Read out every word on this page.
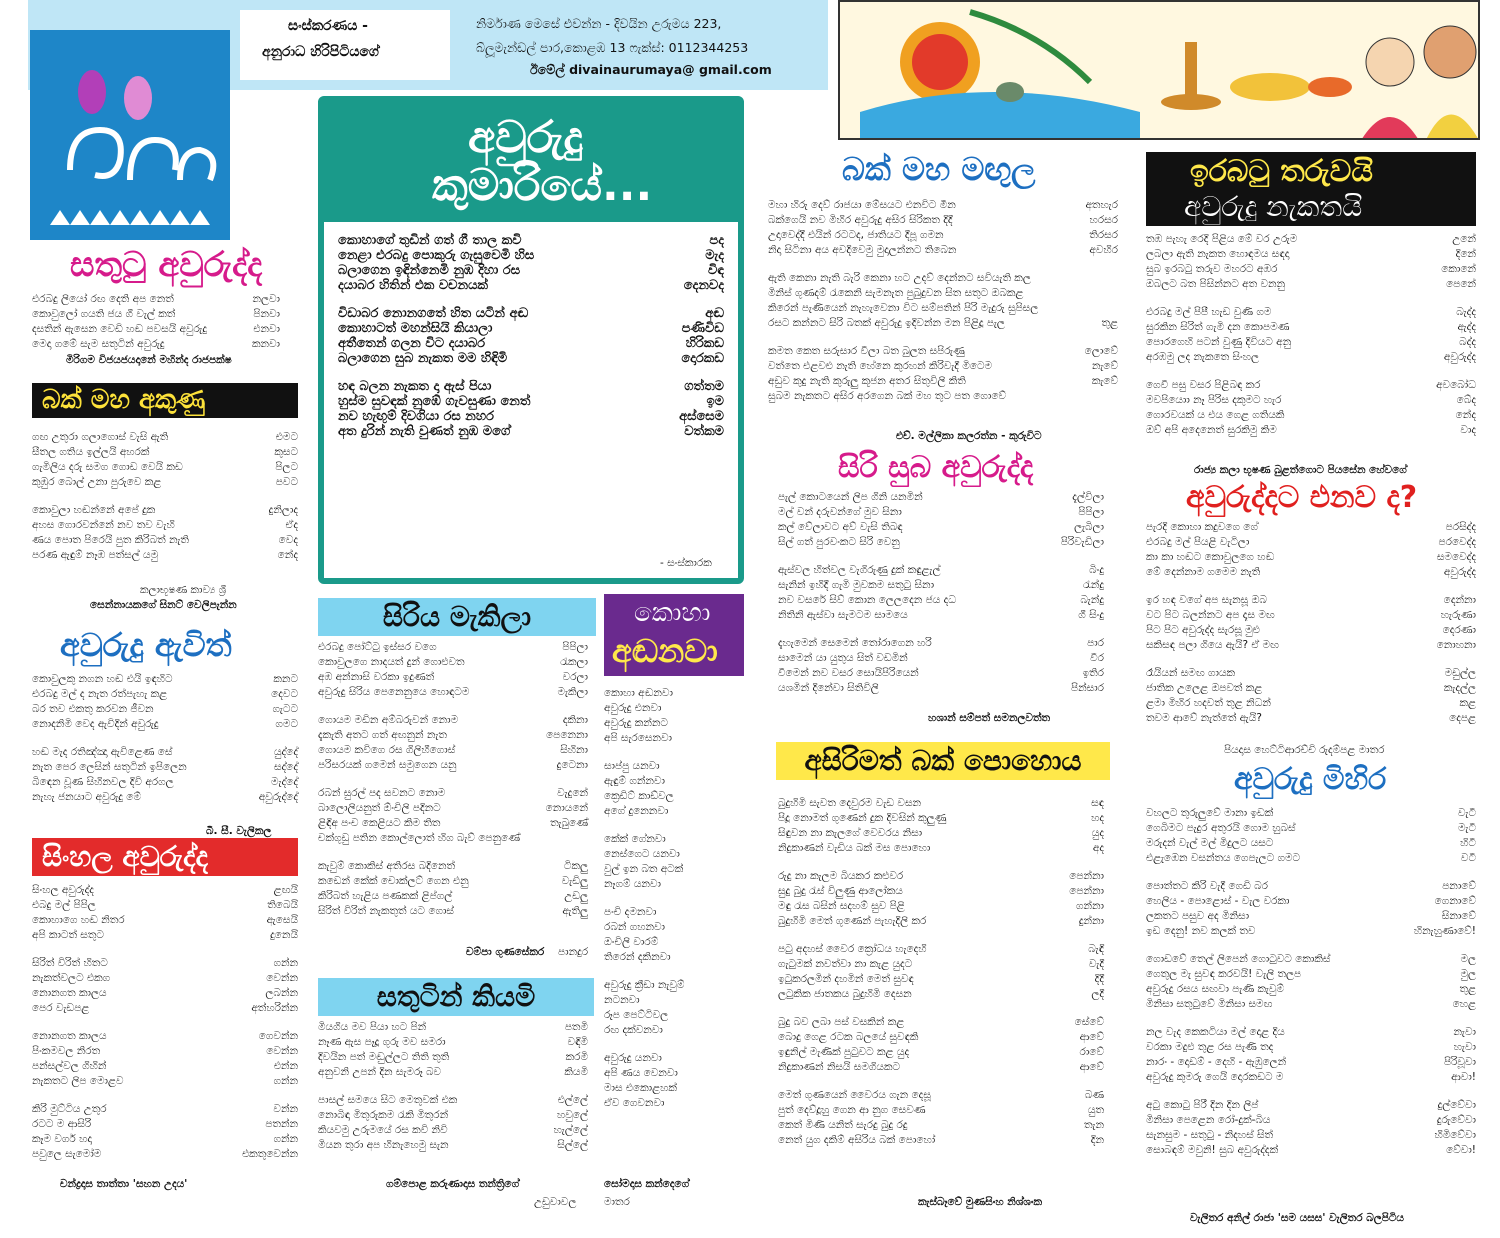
සංස්කරණය -
අනුරාධ හිරිපිටියගේ
නිර්මාණ මෙසේ එවන්න - දිවයින උරුමය 223,
බ්ලූමැන්ඩල් පාර,කොළඹ 13 ෆැක්ස්: 0112344253
ඊමේල් divainaurumaya@ gmail.com
සතුටු අවුරුද්ද
එරබදු ලියෝ රඟ දෙති අප නෙත්	නලවා
කොවුලෝ ගයති ජය ගී වැල් කත්	පිනවා
දසතින් ඇසෙන වෙඩි හඬ පවසයි අවුරුදු	එනවා
මෙදා ගමේ සැම සතුටින් අවුරුදු	කනවා
මිරිගම විජයජයදානේ මහින්ද රාජපක්ෂ
බක් මහ අකුණු
ගඟ උතුරා ගලාගොස් වැසි ඇති	එමට
සීතල ගතිය ඉල්ලයි අහරක්	කුසට
ගැමිලිය දරු සමග ගොඩ වෙයි කඩ	පිලට
කුඹුර බොල් උනා පුරුවෙ කළ	පවට
කොවුලා හඬන්නේ අපේ දුක	දුනිලාද
අහස ගොරවන්නේ නව තව වැහි	ඒද
ණය පොත පිරෙයි පුත කිරිබත් නැති	වෙද
පරණ ඇඳුම් නෑඹ පත්සල් යමු	නේද
කලාභූෂණ කාව්‍ය ශ්‍රී
සෙන්නායකගේ සිනට් වෙලිපැන්න
අවුරුදු ඇවිත්
කොවුලකු නගන හඬ එයි ඉඳහිට	කනට
එරබදු මල් ද නැත රත්පැහැ කළ	දෙවට
බර තව එකතු කරවන ජීවන	ගැටට
නොදනිමි වෙද ඇවිදින් අවුරුදු	ගමට
හඬ මැද රතිඤ්ඤා ඇවිළෙණ සේ	යුද්දේ
නැත පෙර ලෙසින් සතුටින් ඉපිලෙන	සද්දේ
බිඳෙන වූණ සිහිනවල දිවි අරගල	මැද්දේ
නැහැ ජනයාට අවුරුදු මේ	අවුරුද්දේ
බී. සී. වැලිකල
සිංහල අවුරුද්ද
සිංහල අවුරුද්ද	ළඟයි
එබදු මල් පිපිල	තිබෙයි
කොහාගෙ හඬ නිතර	ඇසෙයි
අපි කාටත් සතුට	දුනෙයි
සිරිත් විරිත් හිතට	ගන්න
නැකත්වලට එකග	වෙන්න
නොනගත කාලය	ලබන්න
පෙර වැඩපළ	අත්හරින්න
නොනගත කාලය	ගෙවන්න
පිංකමවල නිරත	වෙන්න
පන්සල්වල ගිහින්	එන්න
නැකතට ලිප මොළව	ගන්න
කිරි මුට්ටිය උතුර	වන්න
රටට ම ආසිරි	පතන්න
කෑම වර්ග හදා	ගන්න
පවුලෙ සැමෝම	එකතුවෙන්න
චන්ද්‍රදාස තාත්තා 'සහන උදය'
අවුරුදු
කුමාරියේ...
කොහාගේ තුඩින් ගත් ගී තාල කවි	පද
නෙළා එරබදු පොකුරු ගැසුවෙමි හිස	මැද
බලාගෙන ඉඳින්නෙමි නුඹ දිහා රස	විඳ
දයාබර හිතින් එක වචනයක්	දෙනවද
විඩාබර නොනගතේ හිත යටින් අඬ	අඬ
කොහාටත් මහන්සියි කියාලා	පණිවිඩ
අතීතෙන් ගලන විට දයාබර	හිරිකඩ
බලාගෙන සුබ නැකත මම හිඳිමි	දොරකඩ
හඳ බලන නැකත දා ඇස් පියා	ගත්තම
හුස්ම සුවඳක් නුඹේ ගැවසුණා නෙත්	ඉම
නව හැඟුම් දිවගියා රස නහර	අස්සෙම
අත දුරින් නැති වුණත් නුඹ මගේ	වත්කම
- සංස්කාරක
සිරිය මැකිලා
එරබදු පෝට්ටු ඉස්සර වගෙ	පිපිලා
කොවුලගෙ නාදයත් දුන් ගොළුවත	රැකලා
අඹ අන්නාසි වරකා ඉදුණත්	වරලා
අවුරුදු සිරිය පෙනෙනුයෙ හොඳටම	මැකිලා
ගොයම මඩින අම්බරුවන් නොම	දකිනා
දැකැති අතට ගත් අඟනුන් නැත	පෙනෙනා
ගොයම කවිගෙ රස ගිලිහීගොස්	සිහිනා
පරිසරයක් ගමෙන් සමුගෙන යනු	දුටෙනා
රබන් සුරල් පද සවනට නොම	වැදුනේ
බාලොලියනුත් ඕංචිලි පදිනට	නොයනේ
ළිඳිඅ පංච කෙළියට කිම තිත	තැබුණේ
චක්ගුඩු පතින කොල්ලොත් හිග බැව් පෙනුණේ
කැවුම් කොකිස් අතිරස බදිනෙත්	ටිකලු
කඩෙන් කේක් චොක්ලට් ගෙන එනු	වැඩිලු
කිරිබත් හැළිය පණකක් ළිප්ගල්	උඩලු
සිරිත් විරිත් නැකතුත් යට ගොස්	ඇතිලු
චම්පා ගුණසේකර පානදුර
සතුටින් කියමි
මියගිය මව පියා හට පින්	පතමි
නෑණ ඇස පෑදූ ගුරු මව සමරා	වඳිමි
දිවයින පත් මඬුල්ලට තිති තුති	කරමි
අනුවනි උපන් දින සැමරූ බව	කියමි
පාසල් සමයෙ සිට මෙතුවක් එක	එල්ලේ
නොබිඳා මිතුරුකම රැකි මිතුරන්	හවුලේ
කියවමු උරුමයේ රස කවි නිවි	හැල්ලේ
මියන තුරා අප හිනැහෙමු සැන	සිල්ලේ
ගම්පොළ කරුණාදාස තන්ත්‍රිගේ
උඩුවාවල
කොහා
අඬනවා
කොහා අඬනවා
අවුරුදු එනවා
අවුරුදු කන්නට
අපි සැරසෙනවා
සාප්පු යනවා
ඇඳුම් ගන්නවා
ක්‍රෙඩිට් කාඩ්වල
අගේ දුනෙනවා
කේක් ගේනවා
නෙස්ගෙට යනවා
වුල් ඉන බත අටක්
නෑගම් යනවා
පංචි දමනවා
රබන් ගහනවා
ඔංචිලි වාරම්
තිරෙන් දකිනවා
අවුරුදු ක්‍රීඩා නැවුම්
නටනවා
රූප පෙට්ටිවල
රඟ දක්වනවා
අවුරුදු යනවා
අපි ණය වෙනවා
මාස එකොළහක්
ඒව ගෙවනවා
සෝමදාස කන්දෙගේ
මාතර
බක් මහ මඟුල
මහා හිරු දෙව් රාජයා මේසයට එනවිට මීන	අතහැර
බක්ගෙයි නව මිහිර අවුරුදු අසිර සිරිකත දිදී	හරසර
උදාවෙද්දී එයින් රටටද, ජාතියට දීපූ ගමන	තිරසර
නිදා සිටිනා අය අවදිවෙමු මුදාලන්නට තිබෙන	අවහිර
ඇති කෙනා නැති බැරි කෙනා හට උදව් දෙන්නට සවියැති කල
මිනිස් ගුණදම් රැකෙනි සැමනැත පුබුදුවන සිත සතුට ඔබකළ
කිරෙන් පැණියෙන් නැහැවෙනා විට සම්පතින් පිරි මැදුරු සුපිසල
රසට කන්නට සිරි බතක් අවුරුදු ඉදිවන්න මන පිළිදූ පැල	තුළ
කමත කෙත සරුසාර වීලා බත බුලත සපිරුණු	ලොවේ
වත්තෙ එළවළු නැති හේනෙ කුරහන් කිරිවැදී මිටෙම	නැවේ
අඩුව කුදු නැති කුරුලු කූජන අතර සිතුවිලි කිති	කැවේ
සුබම නැකතට අසිර අරගෙන බක් මහ තුට පත ගොවේ
එච්. මල්ලිකා කලරත්න - කුරුවිට
සිරි සුබ අවුරුද්ද
පැල් කොටයෙන් ලිප ගිනි යනමින්	දැල්විලා
මල් වන් දරුවන්ගේ මුව සිනා	පිපිලා
කල් වේලාවට අව් වැසි තිබඳ	ලැබිලා
සිල් ගත් පුරවංකට සිරි වෙනු	පිරිවැඩිලා
ඇස්වල හිත්වල වැගිරුණු දුක් කඳුළැල්	බිංදු
සැනින් ඉහිදී ගැමි මුවකම සතුටු සිනා	රැන්දු
නව වසරේ සිව් කොන ලෙලදෙන ජය දධ	බැන්දු
නිතිනි ඇස්වා සැමටම සාමයෙ	ගී සිංදු
දැහැමෙන් සෙමෙන් තෝරාගෙන හරි	පාර
සාමෙන් යා යුතුය සිත් වඩමින්	වීර
වීමෙන් නව වසර සොයිපිරියෙන්	ඉතිර
යශමින් දිනේවා සිතිවිලි	පින්සාර
හශාන් සම්පත් සමනලවත්ත
අසිරිමත් බක් පොහොය
බුදුහිමි සැවත දෙවුරම වැඩ වසන	සඳ
පිදූ නොමත් ගුණෙන් දුක දිවසින් කුලුණු	හද
සිඳුවන නා කැලගේ වෙවරය නිසා	යුද
නිදුකාණන් වැඩිය බක් මස පොහො	අද
රුදු නා කැලම බියකර කළුවර	පෙන්නා
සුදු බුදු රැස් විලුණු ආලෝකය	පෙන්නා
මඳු රැස බසින් සදහම් සුව පිළි	ගන්නා
බුදුහිමි මෙත් ගුණෙන් පැහැදිලි කර	දුන්නා
පටු අදහස් වෛර ක්‍රෝධය හැදෙහි	බැඳි
ගැටුමක් නවත්වා නා කැළ යුදට	වැදී
ඉටුකරලමින් දහමින් මෙත් සුවඳ	දිදී
ලටුකික ජාතකය බුදුහිමි දෙසන	ලදී
බුදු බව ලබා පස් වසකින් කළ	සේවේ
බොදු ගෙළ රටක බලයේ සුවඳකි	ආවේ
ඉඳුනිල් මැණික් පුටුවට කළ යුද	රාවේ
නිදුකාණන් නිසයි සමගියකට	ආවේ
මෙත් ගුණයෙන් වෛරය ගැන දෙසූ	බණ
පුත් දෙව්දූහු ගෙන ආ නුග සෙවණ	යුත
කෙත් මිණි යනිත් සැරදු බුදු රදු	තැන
නෙත් යුග දකිම් අසිරිය බක් පොහෝ	දින
කැස්බෑවේ මුණසිංහ නිශ්ශංක
ඉරබටු තරුවයි
අවුරුදු නැකතයි
තඹ පැහැ රෙදි පිළිය මේ වර උරුම	උනේ
ලබලා ඇති නැකත හොඳමය සඳදා	දිනේ
සුබ ඉරබටු තරුව මහරට අඹර	කොනේ
ඔබලට බත පිසින්නට අත වනනු	පෙනේ
එරබදු මල් පිපී හැඩ වුණි ගම	බැද්ද
සුරකින සිරිත් ගැමි දන කොපමණ	ඇද්ද
පොරගෙහි පටන් වුණු දිවියට අනු	බද්ද
අරඹමු ලද නැකතෙ සිංහල	අවුරුද්ද
ගෙවී පසු වසර පිළිබඳ කර	අවබෝධ
මවපියොා නෑ පිරිස දකුමට හැර	බේද
ගොරවයක් ය එය ගෙළ ගතියකි	නේද
ඔව් අපි අදෙනෙත් සුරකිමු කිම	වාද
රාජ්‍ය කලා භූෂණ බුළත්ගොට පියසේන හේවගේ
අවුරුද්දට එනව ද?
පැරදි කොහා කදුවගෙ ගේ	පරසිද්ද
එරබදු මල් පියළි වැටිලා	පරවෙද්ද
කා කා හඬට කොවුලගෙ හඬ	සමවෙද්ද
මේ දෙන්නාම ගමෙම නැති	අවුරුද්ද
ඉර හඳ වගේ අප සැනසූ ඔබ	දෙන්නා
වට පිට බලන්නට අප දෑස මඟ	හැරුණා
පිට පිට අවුරුද්ද සැරසූ මුළු	දෙරණා
සකිසඳ පලා ගියෙ ඇයි? ඒ මඟ	නොහනා
රෑයියන් සමඟ ගායක	මඩුල්ල
ජාතික උලෙළ ඔපවත් කළ	කැදල්ල
ළමා මිහිර හදවත් තුළ නිධන්	කළ
තවම ආවේ නැත්තේ ඇයි?	දෙපළ
පියදාස හෙට්ටිආරච්චි රුදම්පළ මාතර
අවුරුදු මිහිර
වහලට තුරුලුවේ මානා ඉඩක්	වැටී
ගෙබිමට පැදුර අතුරයි ගොම හුබස්	මැටී
මරුදන් වැල් මල් මිදුලට යසට	හිටී
එළැඹෙන වසන්තය ගෙපැලට ගමට	වටී
පොත්තට කිරි වැදී ගෙඩි බර	පනාවේ
හෙලිය - පොළොස් - වැල වරකා	ගෙනාවේ
ලකතට පසුව අද මිනිසා	සිනාවේ
ඉඩ දෙනු! නව කලක් තව	හිනැහුණාවේ!
ගොඩවේ තෙල් ලිපෙන් ගොටුවට කොකිස්	මල
ගෙතුල මැ සුවඳ කරවයි! වැලි තලප	මුල
අවුරුදු රසය සඟවා පැණි කැවුම්	තුළ
මිනිසා සතුටුවේ මිනිසා සමඟ	හෙළ
නල වැද කෙකටියා මල් දොළ දිය	නැවා
වරකා මදුළු තුළ රස පැණි තද	හැවා
නාරං - දොඩම් - දෙහි - ඇඹුලෙන්	පිරිවූවා
අවුරුදු කුමරු ගෙයි දොරකඩට ම	ආවා!
අටු කොටු පිරී දින දින ලිප්	දුල්වේවා
මිනිසා පෙළෙන රෝ-දුක්-බිය	දුරුවේවා
සැනසුම - සතුටු - නිදහස් සිත්	හිමිවේවා
සොබඳම් මවුනි! සුබ අවුරුද්දක්	වේවා!
වැලිතර අනිල් රාජා 'සම යසස' වැලිතර බලපිටිය
